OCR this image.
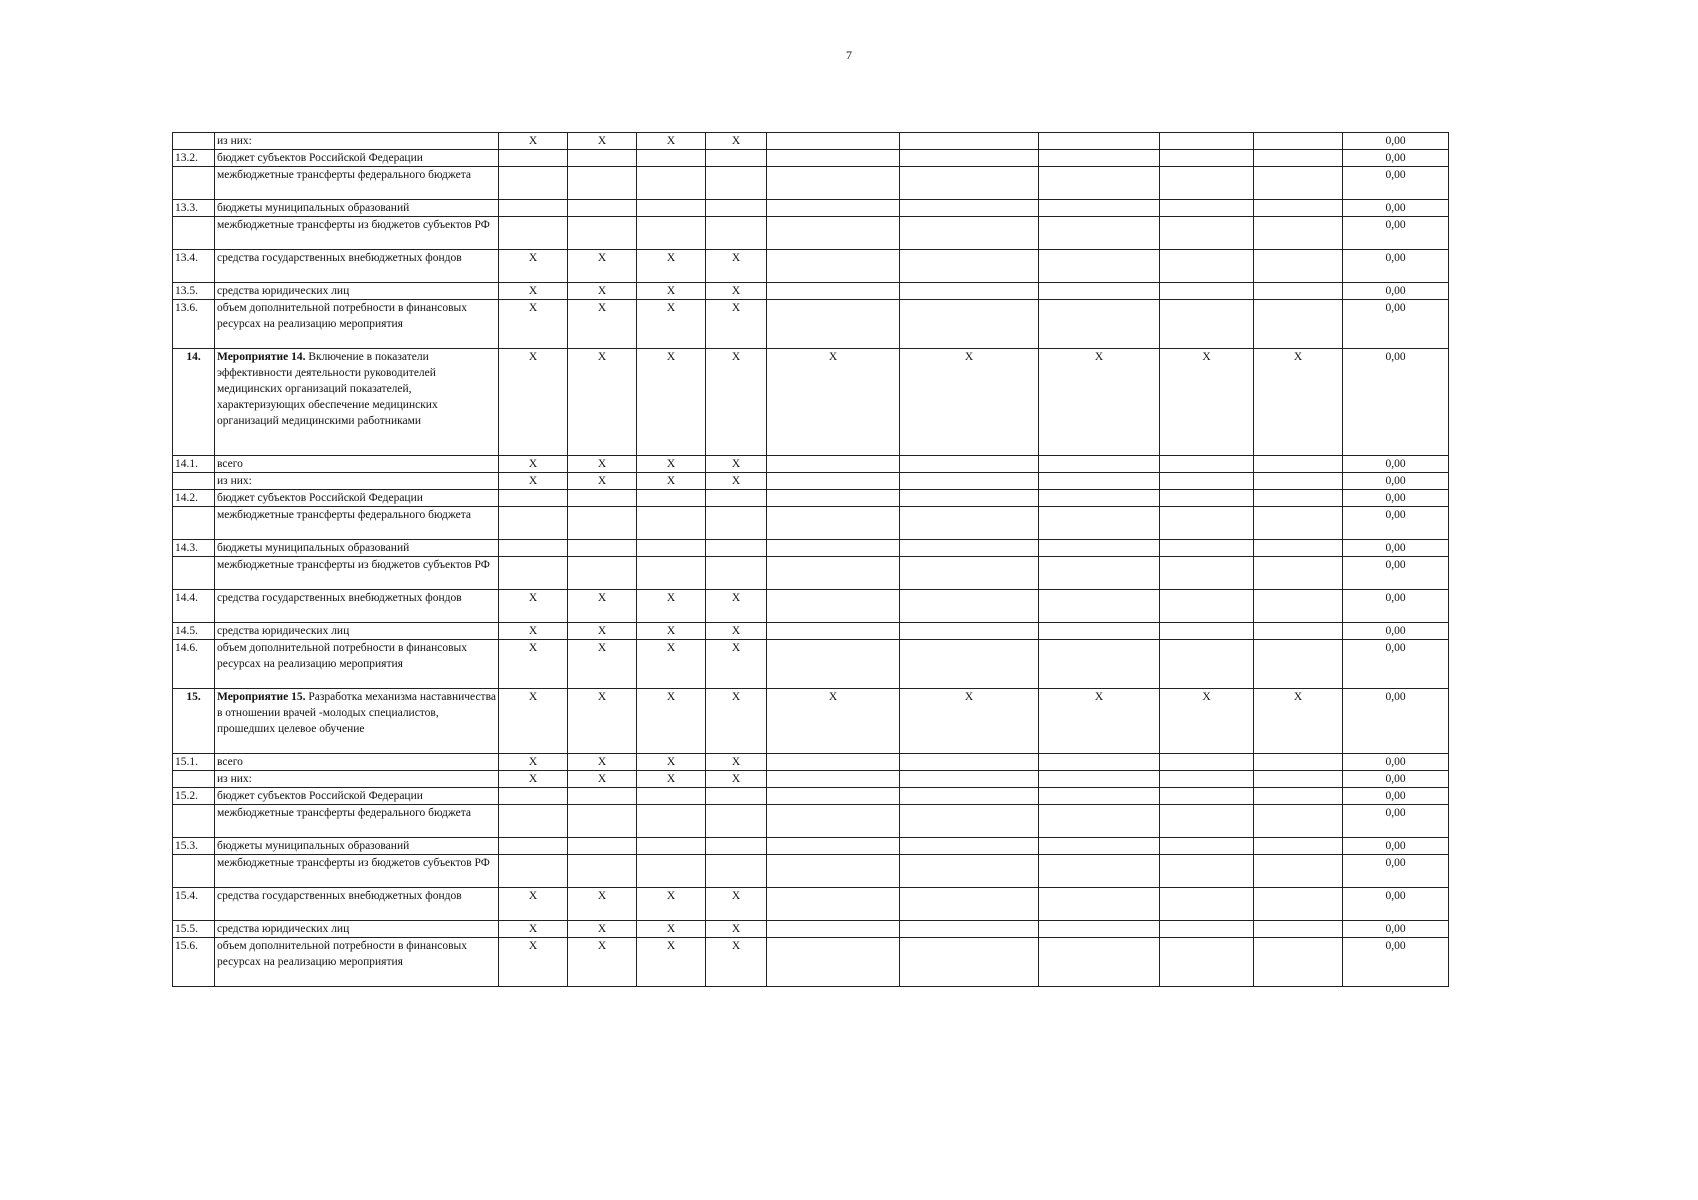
7
	из них:	X	X	X	X						0,00
13.2.	бюджет субъектов Российской Федерации										0,00
	межбюджетные трансферты федерального бюджета										0,00
13.3.	бюджеты муниципальных образований										0,00
	межбюджетные трансферты из бюджетов субъектов РФ										0,00
13.4.	средства государственных внебюджетных фондов	X	X	X	X						0,00
13.5.	средства юридических лиц	X	X	X	X						0,00
13.6.	объем дополнительной потребности в финансовых ресурсах на реализацию мероприятия	X	X	X	X						0,00
14.	Мероприятие 14. Включение в показатели эффективности деятельности руководителей медицинских организаций показателей, характеризующих обеспечение медицинских организаций медицинскими работниками	X	X	X	X	X	X	X	X	X	0,00
14.1.	всего	X	X	X	X						0,00
	из них:	X	X	X	X						0,00
14.2.	бюджет субъектов Российской Федерации										0,00
	межбюджетные трансферты федерального бюджета										0,00
14.3.	бюджеты муниципальных образований										0,00
	межбюджетные трансферты из бюджетов субъектов РФ										0,00
14.4.	средства государственных внебюджетных фондов	X	X	X	X						0,00
14.5.	средства юридических лиц	X	X	X	X						0,00
14.6.	объем дополнительной потребности в финансовых ресурсах на реализацию мероприятия	X	X	X	X						0,00
15.	Мероприятие 15. Разработка механизма наставничества в отношении врачей -молодых специалистов, прошедших целевое обучение	X	X	X	X	X	X	X	X	X	0,00
15.1.	всего	X	X	X	X						0,00
	из них:	X	X	X	X						0,00
15.2.	бюджет субъектов Российской Федерации										0,00
	межбюджетные трансферты федерального бюджета										0,00
15.3.	бюджеты муниципальных образований										0,00
	межбюджетные трансферты из бюджетов субъектов РФ										0,00
15.4.	средства государственных внебюджетных фондов	X	X	X	X						0,00
15.5.	средства юридических лиц	X	X	X	X						0,00
15.6.	объем дополнительной потребности в финансовых ресурсах на реализацию мероприятия	X	X	X	X						0,00
